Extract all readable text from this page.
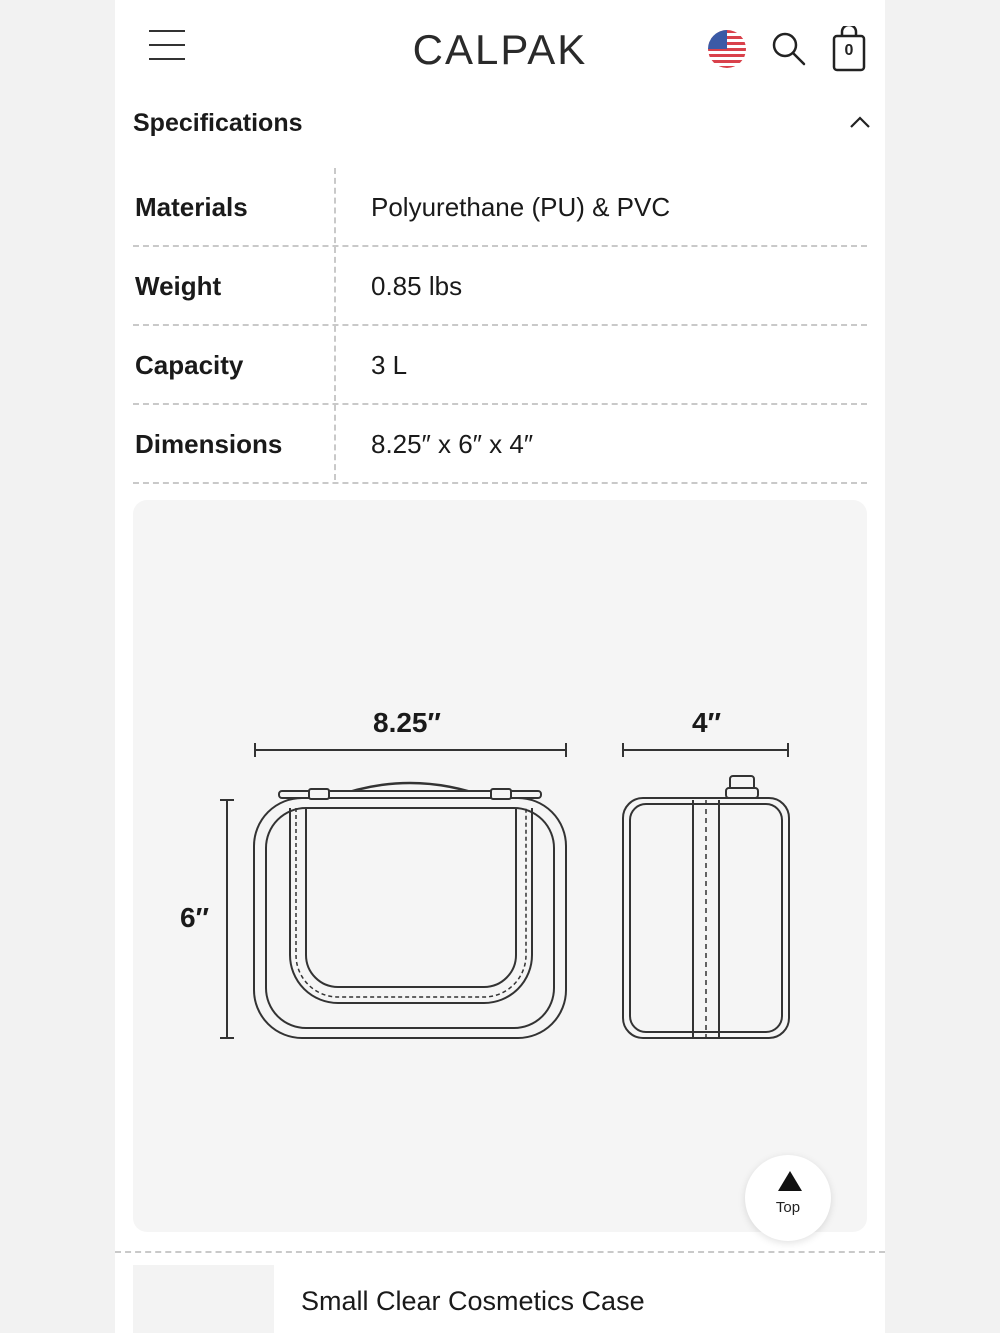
CALPAK	0
Specifications
Materials	Polyurethane (PU) & PVC
Weight	0.85 lbs
Capacity	3 L
Dimensions	8.25″ x 6″ x 4″
8.25″	4″
6″
Top
Small Clear Cosmetics Case
